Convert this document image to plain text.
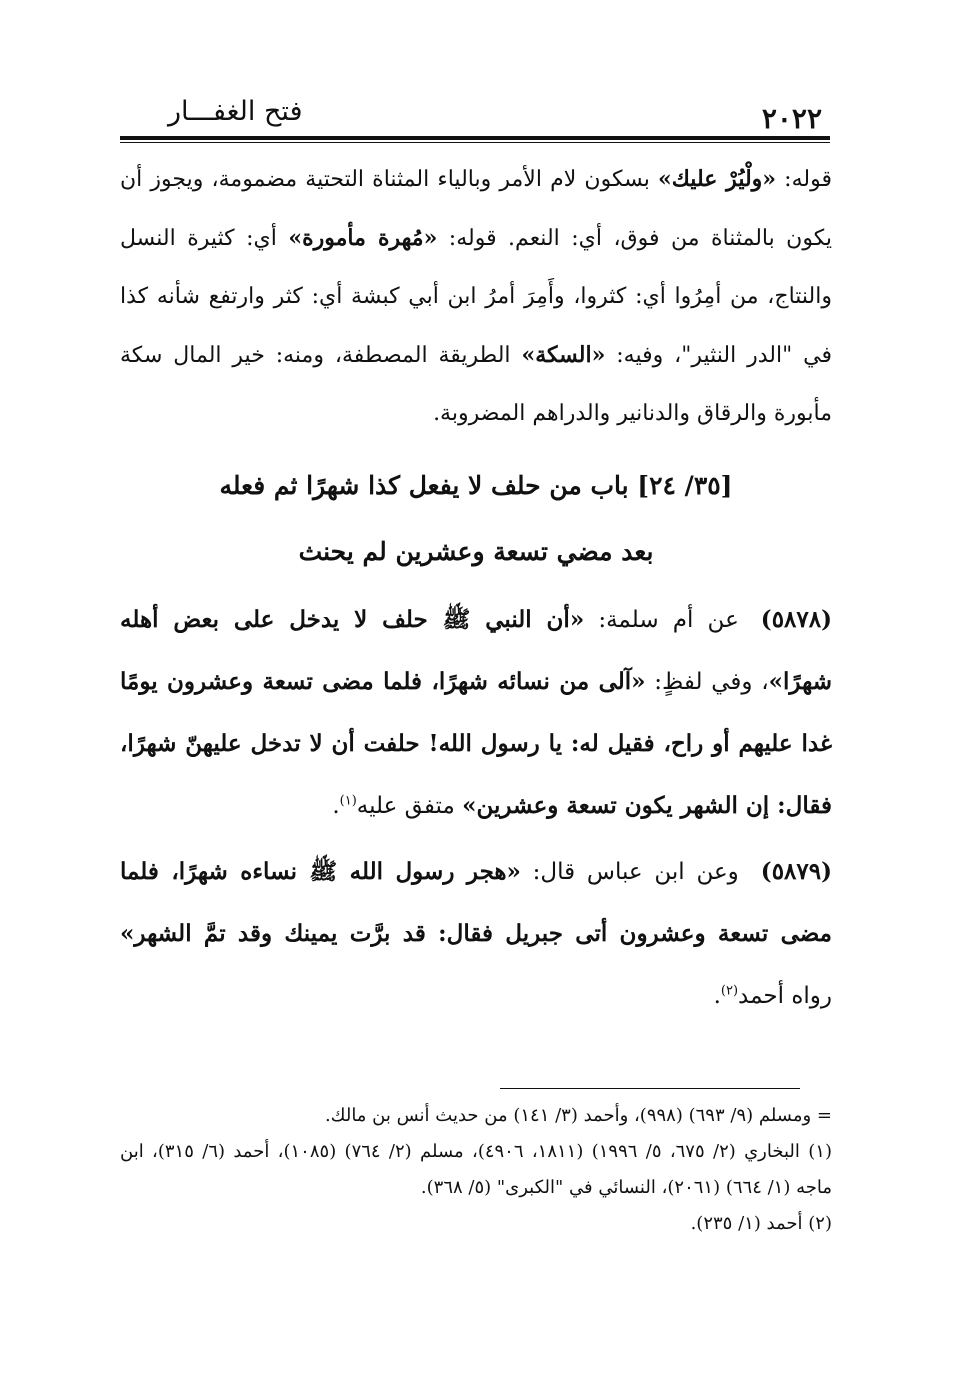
٢٠٢٢
فتح الغفـــار

قوله: «ولْيُرْ عليك» بسكون لام الأمر وبالياء المثناة التحتية مضمومة، ويجوز أن يكون بالمثناة من فوق، أي: النعم. قوله: «مُهرة مأمورة» أي: كثيرة النسل والنتاج، من أمِرُوا أي: كثروا، وأَمِرَ أمرُ ابن أبي كبشة أي: كثر وارتفع شأنه كذا في "الدر النثير"، وفيه: «السكة» الطريقة المصطفة، ومنه: خير المال سكة مأبورة والرقاق والدنانير والدراهم المضروبة.

[٣٥/ ٢٤] باب من حلف لا يفعل كذا شهرًا ثم فعله
بعد مضي تسعة وعشرين لم يحنث

(٥٨٧٨)عن أم سلمة: «أن النبي ﷺ حلف لا يدخل على بعض أهله شهرًا»، وفي لفظٍ: «آلى من نسائه شهرًا، فلما مضى تسعة وعشرون يومًا غدا عليهم أو راح، فقيل له: يا رسول الله! حلفت أن لا تدخل عليهنّ شهرًا، فقال: إن الشهر يكون تسعة وعشرين» متفق عليه$^{(١)}$.

(٥٨٧٩)وعن ابن عباس قال: «هجر رسول الله ﷺ نساءه شهرًا، فلما مضى تسعة وعشرون أتى جبريل فقال: قد برَّت يمينك وقد تمَّ الشهر» رواه أحمد$^{(٢)}$.

= ومسلم (٩/ ٦٩٣) (٩٩٨)، وأحمد (٣/ ١٤١) من حديث أنس بن مالك.

(١) البخاري (٢/ ٦٧٥، ٥/ ١٩٩٦) (١٨١١، ٤٩٠٦)، مسلم (٢/ ٧٦٤) (١٠٨٥)، أحمد (٦/ ٣١٥)، ابن ماجه (١/ ٦٦٤) (٢٠٦١)، النسائي في "الكبرى" (٥/ ٣٦٨).

(٢) أحمد (١/ ٢٣٥).
